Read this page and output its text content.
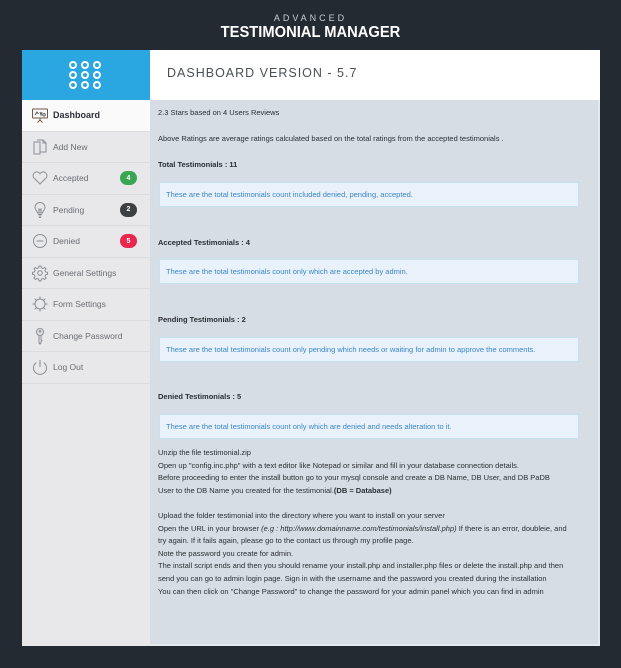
ADVANCED
TESTIMONIAL MANAGER
DASHBOARD VERSION - 5.7
Dashboard
Add New
Accepted	4
Pending	2
Denied	5
General Settings
Form Settings
Change Password
Log Out
2.3 Stars based on 4 Users Reviews
Above Ratings are average ratings calculated based on the total ratings from the accepted testimonials .
Total Testimonials : 11
These are the total testimonials count included denied, pending, accepted.
Accepted Testimonials : 4
These are the total testimonials count only which are accepted by admin.
Pending Testimonials : 2
These are the total testimonials count only pending which needs or waiting for admin to approve the comments.
Denied Testimonials : 5
These are the total testimonials count only which are denied and needs alteration to it.

Unzip the file testimonial.zip

Open up "config.inc.php" with a text editor like Notepad or similar and fill in your database connection details.

Before proceeding to enter the install button go to your mysql console and create a DB Name, DB User, and DB PaDB

User to the DB Name you created for the testimonial.(DB = Database)

Upload the folder testimonial into the directory where you want to install on your server

Open the URL in your browser (e.g : http://www.domainname.com/testimonials/install.php) If there is an error, doubleie, and

try again. If it fails again, please go to the contact us through my profile page.

Note the password you create for admin.

The install script ends and then you should rename your install.php and installer.php files or delete the install.php and then

send you can go to admin login page. Sign in with the username and the password you created during the installation

You can then click on "Change Password" to change the password for your admin panel which you can find in admin
